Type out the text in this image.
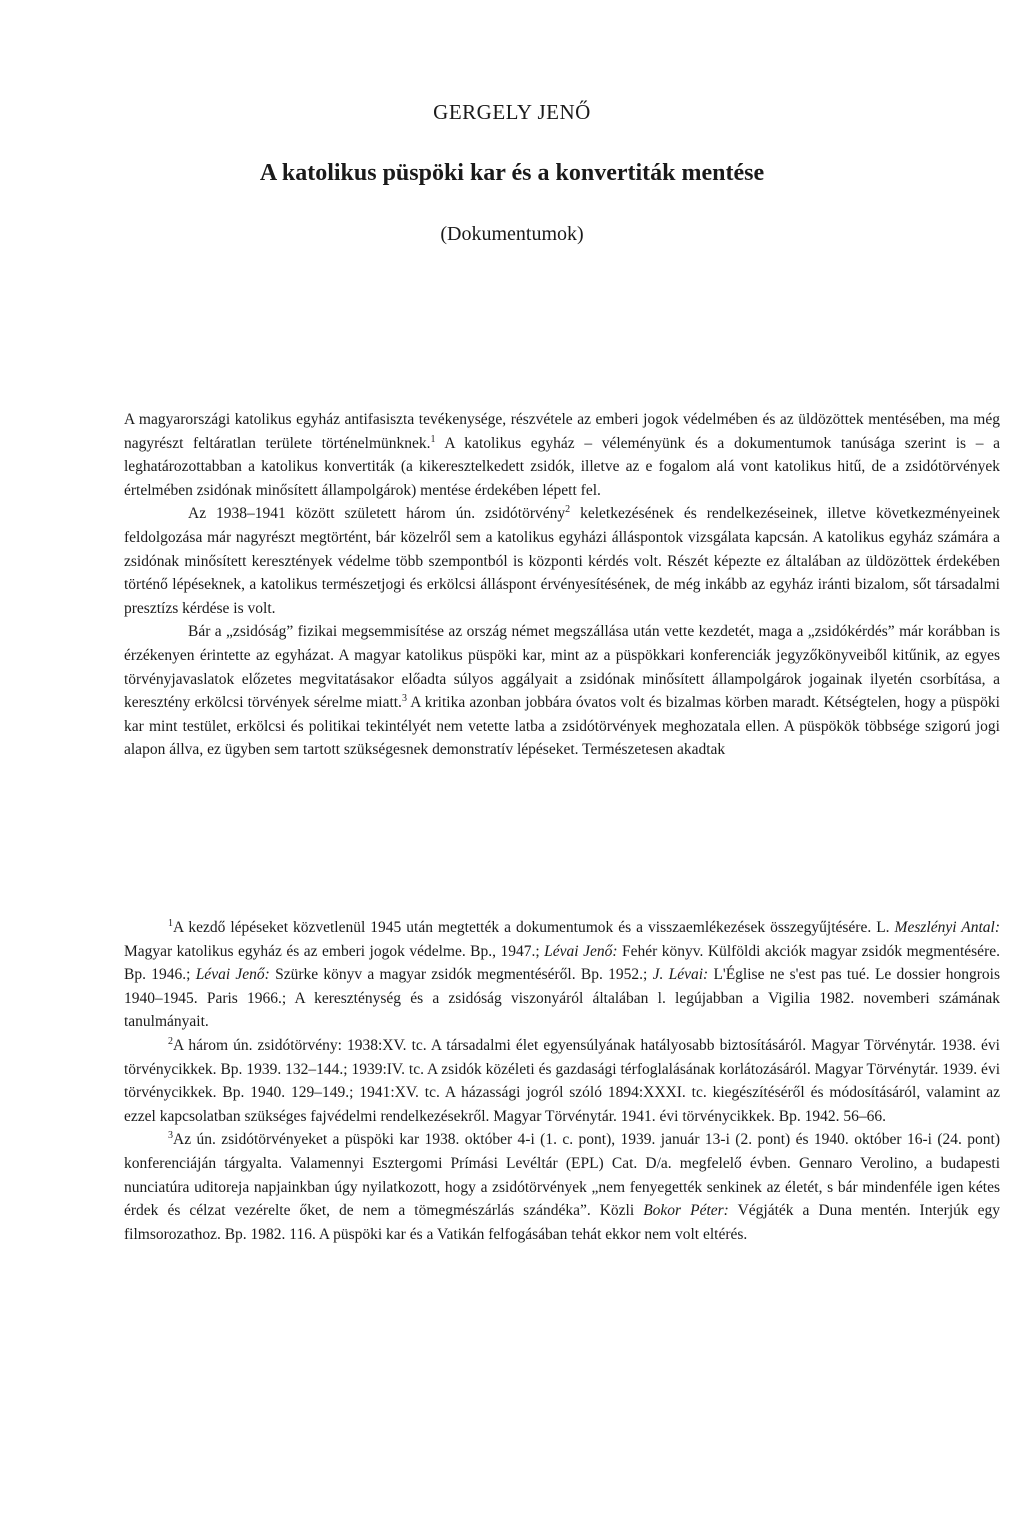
GERGELY JENŐ
A katolikus püspöki kar és a konvertiták mentése
(Dokumentumok)

A magyarországi katolikus egyház antifasiszta tevékenysége, részvétele az emberi jogok védelmében és az üldözöttek mentésében, ma még nagyrészt feltáratlan területe történelmünknek.$^1$ A katolikus egyház – véleményünk és a dokumentumok tanúsága szerint is – a leghatározottabban a katolikus konvertiták (a kikeresztelkedett zsidók, illetve az e fogalom alá vont katolikus hitű, de a zsidótörvények értelmében zsidónak minősített állampolgárok) mentése érdekében lépett fel.

Az 1938–1941 között született három ún. zsidótörvény$^2$ keletkezésének és rendelkezéseinek, illetve következményeinek feldolgozása már nagyrészt megtörtént, bár közelről sem a katolikus egyházi álláspontok vizsgálata kapcsán. A katolikus egyház számára a zsidónak minősített keresztények védelme több szempontból is központi kérdés volt. Részét képezte ez általában az üldözöttek érdekében történő lépéseknek, a katolikus természetjogi és erkölcsi álláspont érvényesítésének, de még inkább az egyház iránti bizalom, sőt társadalmi presztízs kérdése is volt.

Bár a „zsidóság” fizikai megsemmisítése az ország német megszállása után vette kezdetét, maga a „zsidókérdés” már korábban is érzékenyen érintette az egyházat. A magyar katolikus püspöki kar, mint az a püspökkari konferenciák jegyzőkönyveiből kitűnik, az egyes törvényjavaslatok előzetes megvitatásakor előadta súlyos aggályait a zsidónak minősített állampolgárok jogainak ilyetén csorbítása, a keresztény erkölcsi törvények sérelme miatt.$^3$ A kritika azonban jobbára óvatos volt és bizalmas körben maradt. Kétségtelen, hogy a püspöki kar mint testület, erkölcsi és politikai tekintélyét nem vetette latba a zsidótörvények meghozatala ellen. A püspökök többsége szigorú jogi alapon állva, ez ügyben sem tartott szükségesnek demonstratív lépéseket. Természetesen akadtak

$^1$A kezdő lépéseket közvetlenül 1945 után megtették a dokumentumok és a visszaemlékezések összegyűjtésére. L. Meszlényi Antal: Magyar katolikus egyház és az emberi jogok védelme. Bp., 1947.; Lévai Jenő: Fehér könyv. Külföldi akciók magyar zsidók megmentésére. Bp. 1946.; Lévai Jenő: Szürke könyv a magyar zsidók megmentéséről. Bp. 1952.; J. Lévai: L'Église ne s'est pas tué. Le dossier hongrois 1940–1945. Paris 1966.; A kereszténység és a zsidóság viszonyáról általában l. legújabban a Vigilia 1982. novemberi számának tanulmányait.

$^2$A három ún. zsidótörvény: 1938:XV. tc. A társadalmi élet egyensúlyának hatályosabb biztosításáról. Magyar Törvénytár. 1938. évi törvénycikkek. Bp. 1939. 132–144.; 1939:IV. tc. A zsidók közéleti és gazdasági térfoglalásának korlátozásáról. Magyar Törvénytár. 1939. évi törvénycikkek. Bp. 1940. 129–149.; 1941:XV. tc. A házassági jogról szóló 1894:XXXI. tc. kiegészítéséről és módosításáról, valamint az ezzel kapcsolatban szükséges fajvédelmi rendelkezésekről. Magyar Törvénytár. 1941. évi törvénycikkek. Bp. 1942. 56–66.

$^3$Az ún. zsidótörvényeket a püspöki kar 1938. október 4-i (1. c. pont), 1939. január 13-i (2. pont) és 1940. október 16-i (24. pont) konferenciáján tárgyalta. Valamennyi Esztergomi Prímási Levéltár (EPL) Cat. D/a. megfelelő évben. Gennaro Verolino, a budapesti nunciatúra uditoreja napjainkban úgy nyilatkozott, hogy a zsidótörvények „nem fenyegették senkinek az életét, s bár mindenféle igen kétes érdek és célzat vezérelte őket, de nem a tömegmészárlás szándéka”. Közli Bokor Péter: Végjáték a Duna mentén. Interjúk egy filmsorozathoz. Bp. 1982. 116. A püspöki kar és a Vatikán felfogásában tehát ekkor nem volt eltérés.
